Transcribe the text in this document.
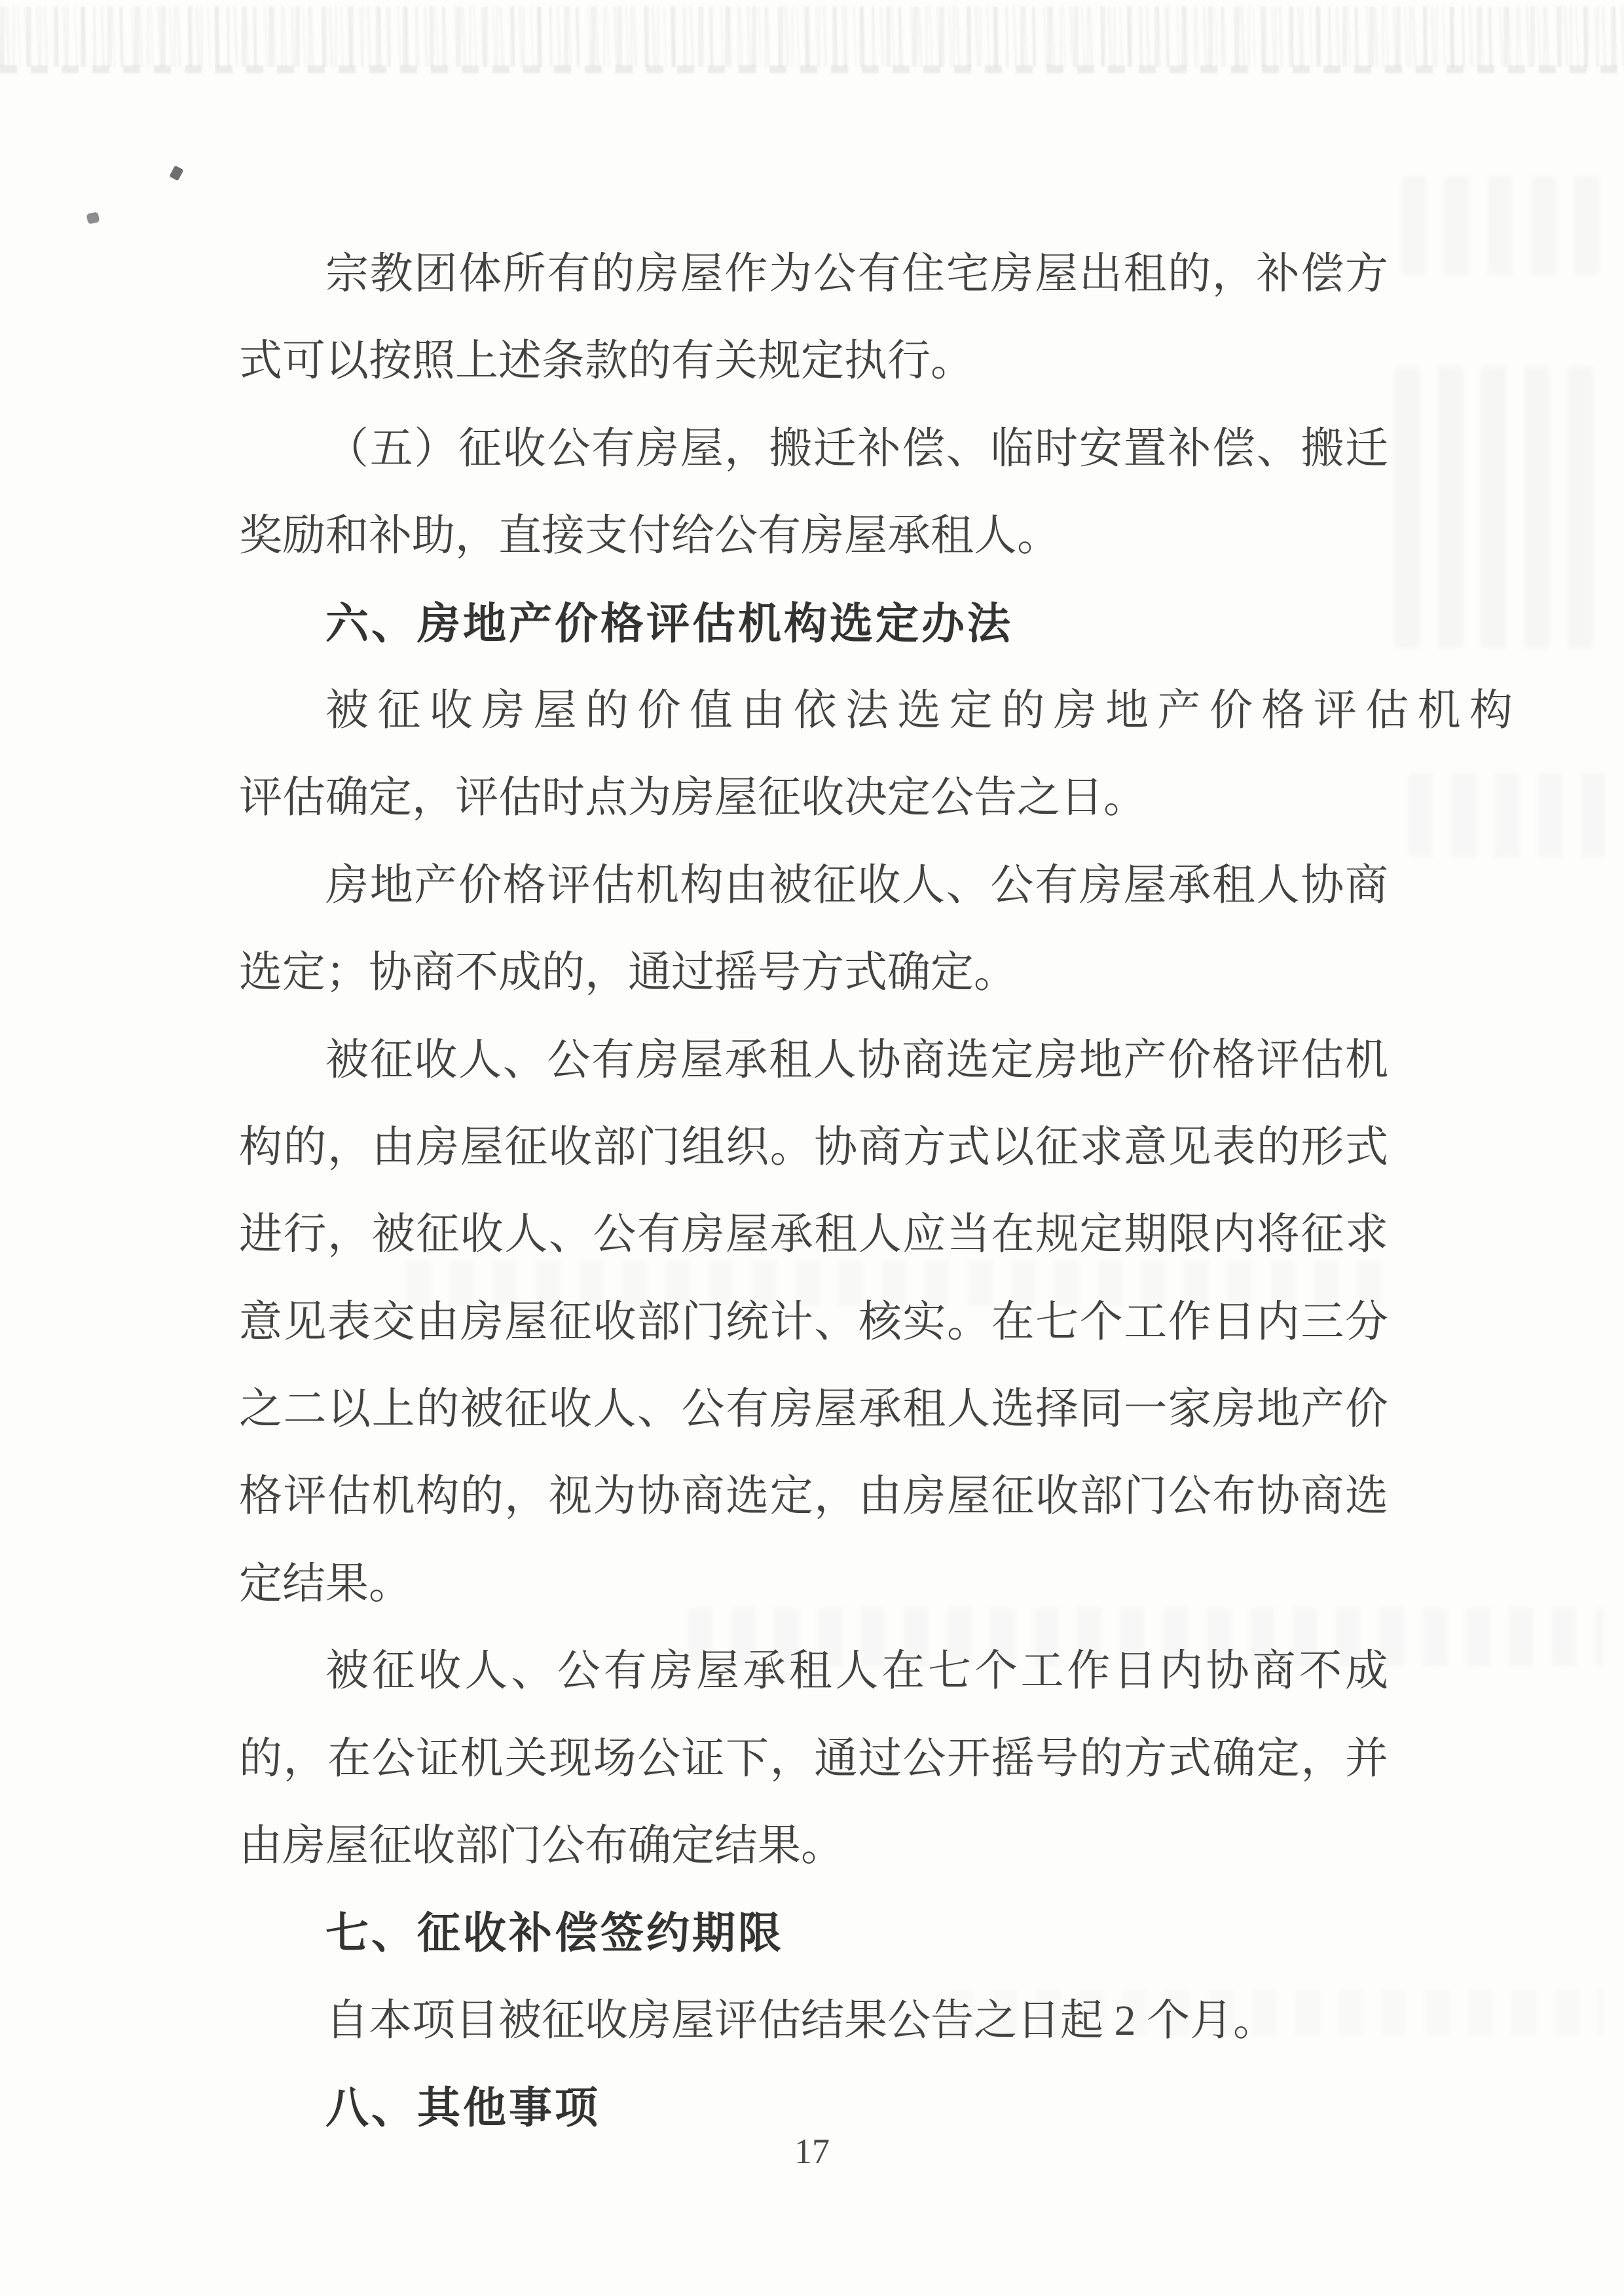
宗教团体所有的房屋作为公有住宅房屋出租的，补偿方
式可以按照上述条款的有关规定执行。
（五）征收公有房屋，搬迁补偿、临时安置补偿、搬迁
奖励和补助，直接支付给公有房屋承租人。
六、房地产价格评估机构选定办法
被征收房屋的价值由依法选定的房地产价格评估机构
评估确定，评估时点为房屋征收决定公告之日。
房地产价格评估机构由被征收人、公有房屋承租人协商
选定；协商不成的，通过摇号方式确定。
被征收人、公有房屋承租人协商选定房地产价格评估机
构的，由房屋征收部门组织。协商方式以征求意见表的形式
进行，被征收人、公有房屋承租人应当在规定期限内将征求
意见表交由房屋征收部门统计、核实。在七个工作日内三分
之二以上的被征收人、公有房屋承租人选择同一家房地产价
格评估机构的，视为协商选定，由房屋征收部门公布协商选
定结果。
被征收人、公有房屋承租人在七个工作日内协商不成
的，在公证机关现场公证下，通过公开摇号的方式确定，并
由房屋征收部门公布确定结果。
七、征收补偿签约期限
自本项目被征收房屋评估结果公告之日起 2 个月。
八、其他事项
17
